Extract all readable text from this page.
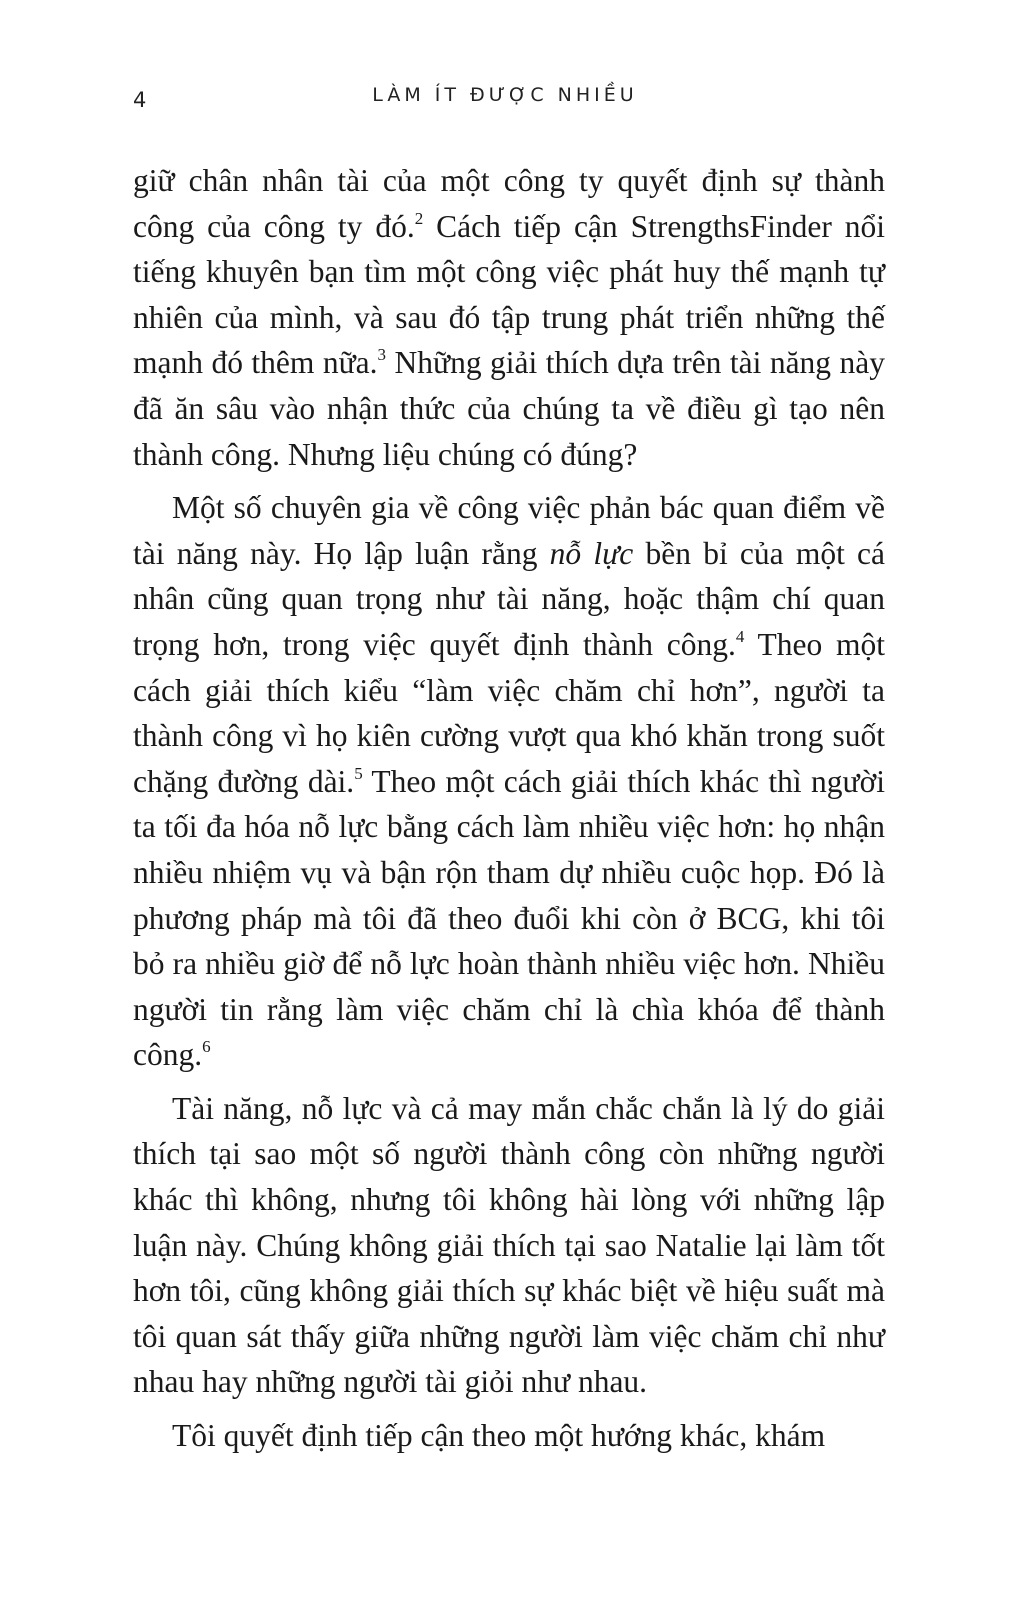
4	LÀM ÍT ĐƯỢC NHIỀU

giữ chân nhân tài của một công ty quyết định sự thành công của công ty đó.$^2$ Cách tiếp cận StrengthsFinder nổi tiếng khuyên bạn tìm một công việc phát huy thế mạnh tự nhiên của mình, và sau đó tập trung phát triển những thế mạnh đó thêm nữa.$^3$ Những giải thích dựa trên tài năng này đã ăn sâu vào nhận thức của chúng ta về điều gì tạo nên thành công. Nhưng liệu chúng có đúng?

Một số chuyên gia về công việc phản bác quan điểm về tài năng này. Họ lập luận rằng nỗ lực bền bỉ của một cá nhân cũng quan trọng như tài năng, hoặc thậm chí quan trọng hơn, trong việc quyết định thành công.$^4$ Theo một cách giải thích kiểu “làm việc chăm chỉ hơn”, người ta thành công vì họ kiên cường vượt qua khó khăn trong suốt chặng đường dài.$^5$ Theo một cách giải thích khác thì người ta tối đa hóa nỗ lực bằng cách làm nhiều việc hơn: họ nhận nhiều nhiệm vụ và bận rộn tham dự nhiều cuộc họp. Đó là phương pháp mà tôi đã theo đuổi khi còn ở BCG, khi tôi bỏ ra nhiều giờ để nỗ lực hoàn thành nhiều việc hơn. Nhiều người tin rằng làm việc chăm chỉ là chìa khóa để thành công.$^6$

Tài năng, nỗ lực và cả may mắn chắc chắn là lý do giải thích tại sao một số người thành công còn những người khác thì không, nhưng tôi không hài lòng với những lập luận này. Chúng không giải thích tại sao Natalie lại làm tốt hơn tôi, cũng không giải thích sự khác biệt về hiệu suất mà tôi quan sát thấy giữa những người làm việc chăm chỉ như nhau hay những người tài giỏi như nhau.

Tôi quyết định tiếp cận theo một hướng khác, khám
